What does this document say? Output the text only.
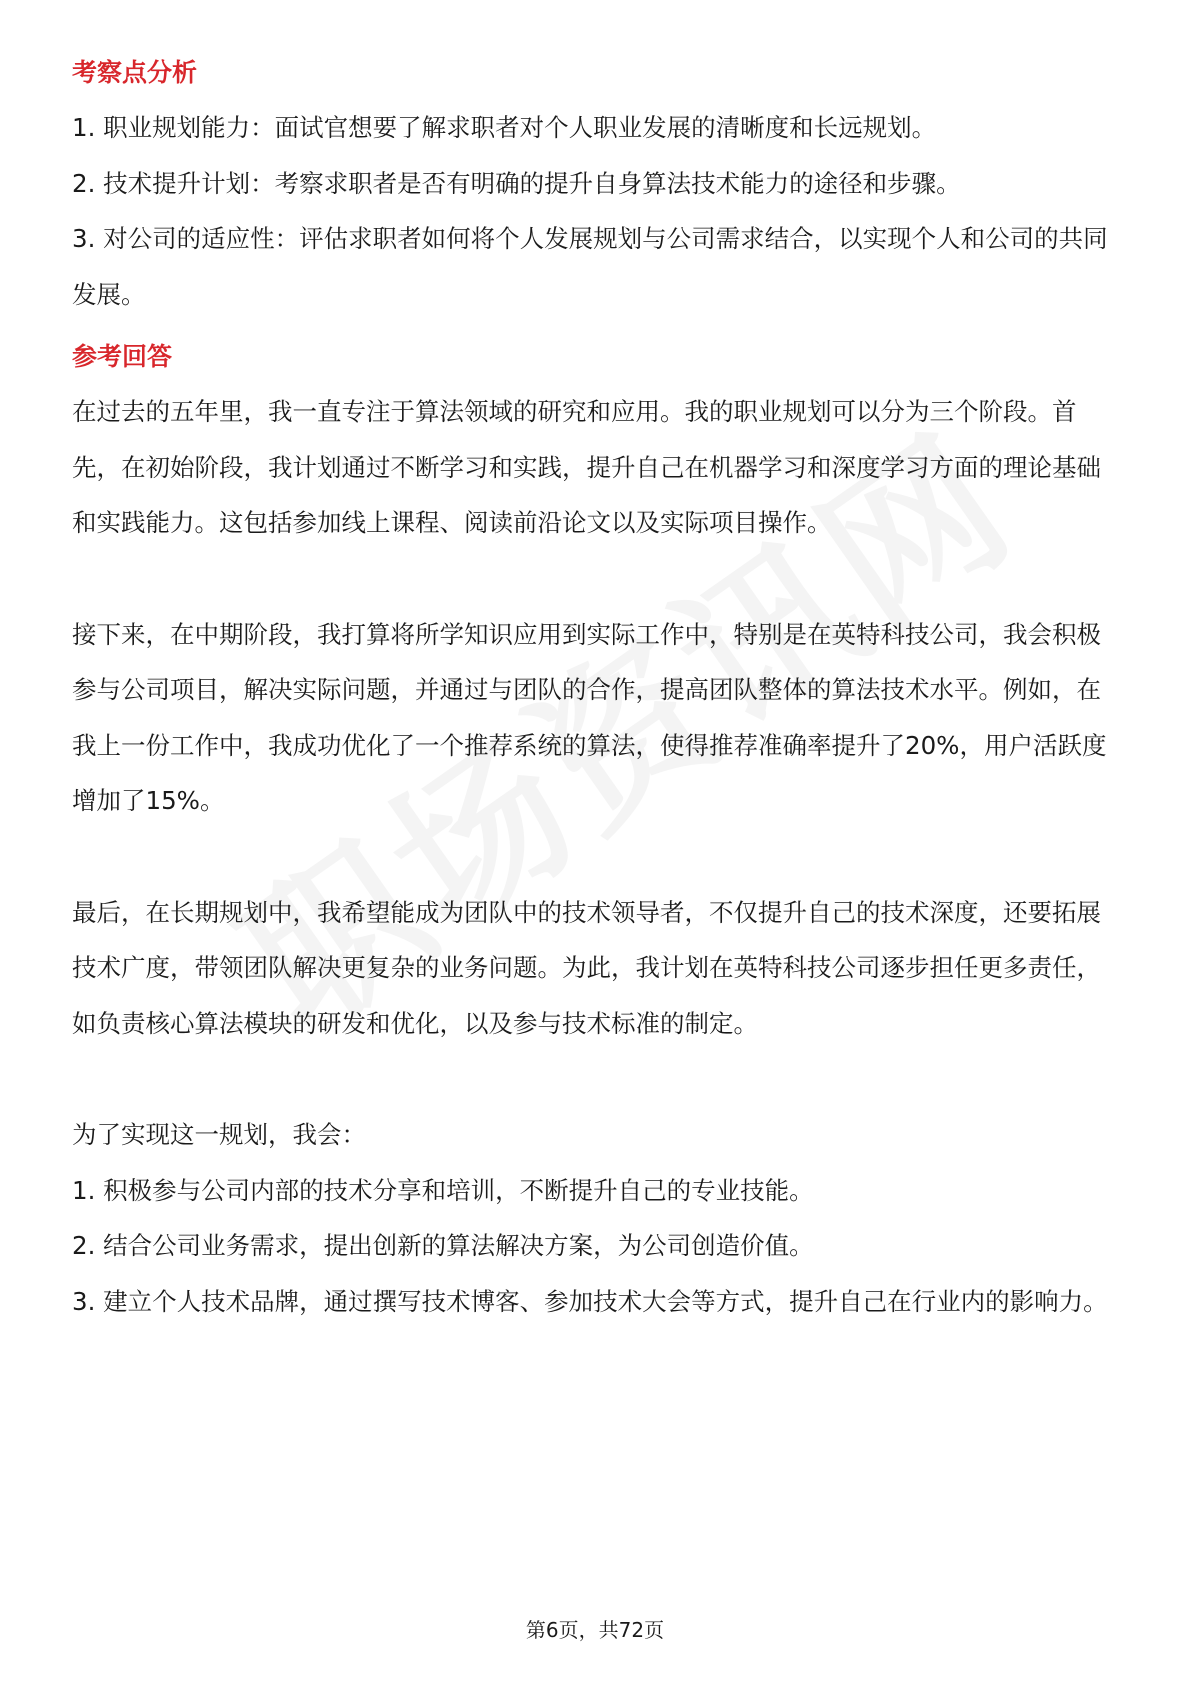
考察点分析

1. 职业规划能力：面试官想要了解求职者对个人职业发展的清晰度和长远规划。

2. 技术提升计划：考察求职者是否有明确的提升自身算法技术能力的途径和步骤。

3. 对公司的适应性：评估求职者如何将个人发展规划与公司需求结合，以实现个人和公司的共同发展。

参考回答

在过去的五年里，我一直专注于算法领域的研究和应用。我的职业规划可以分为三个阶段。首先，在初始阶段，我计划通过不断学习和实践，提升自己在机器学习和深度学习方面的理论基础和实践能力。这包括参加线上课程、阅读前沿论文以及实际项目操作。

接下来，在中期阶段，我打算将所学知识应用到实际工作中，特别是在英特科技公司，我会积极参与公司项目，解决实际问题，并通过与团队的合作，提高团队整体的算法技术水平。例如，在我上一份工作中，我成功优化了一个推荐系统的算法，使得推荐准确率提升了20%，用户活跃度增加了15%。

最后，在长期规划中，我希望能成为团队中的技术领导者，不仅提升自己的技术深度，还要拓展技术广度，带领团队解决更复杂的业务问题。为此，我计划在英特科技公司逐步担任更多责任，如负责核心算法模块的研发和优化，以及参与技术标准的制定。

为了实现这一规划，我会：

1. 积极参与公司内部的技术分享和培训，不断提升自己的专业技能。

2. 结合公司业务需求，提出创新的算法解决方案，为公司创造价值。

3. 建立个人技术品牌，通过撰写技术博客、参加技术大会等方式，提升自己在行业内的影响力。

第6页，共72页
